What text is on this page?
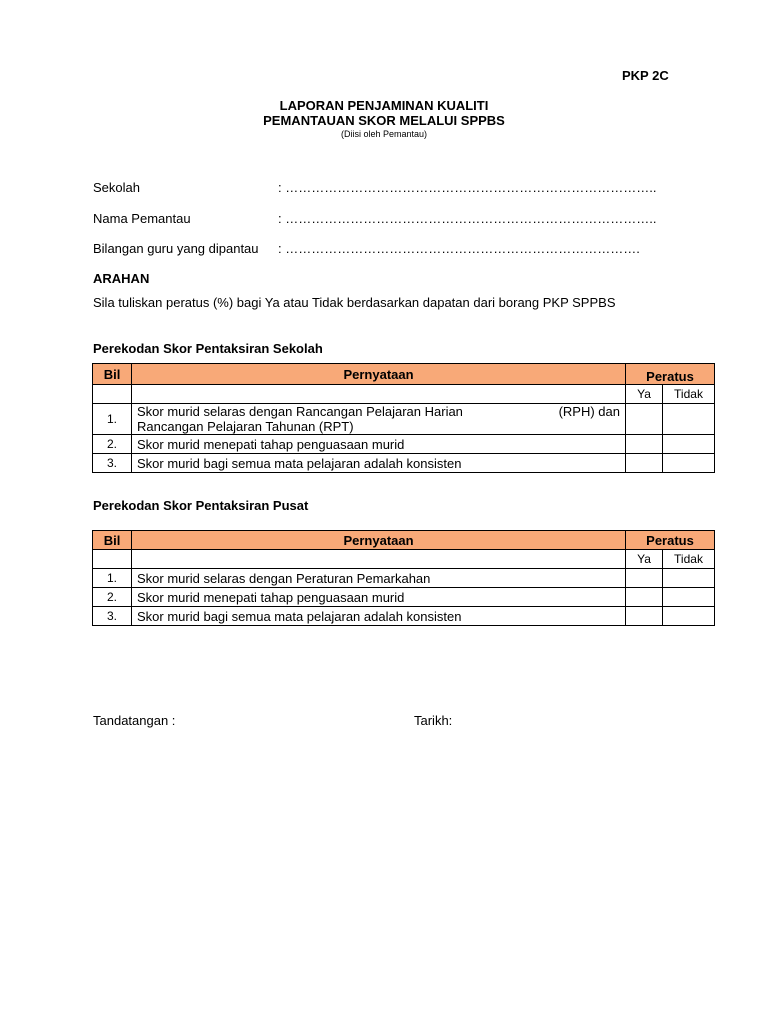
PKP 2C
LAPORAN PENJAMINAN KUALITI
PEMANTAUAN SKOR MELALUI SPPBS
(Diisi oleh Pemantau)
Sekolah	: …………………………………………………………………………..
Nama Pemantau	: …………………………………………………………………………..
Bilangan guru yang dipantau : ……………………………………………………………………….
ARAHAN
Sila tuliskan peratus (%) bagi Ya atau Tidak berdasarkan dapatan dari borang PKP SPPBS
Perekodan Skor Pentaksiran Sekolah
Bil	Pernyataan	Peratus	
		Ya	Tidak
1.	Skor murid selaras dengan Rancangan Pelajaran Harian (RPH) dan
Rancangan Pelajaran Tahunan (RPT)		

2.	Skor murid menepati tahap penguasaan murid		
3.	Skor murid bagi semua mata pelajaran adalah konsisten		
Perekodan Skor Pentaksiran Pusat
Bil	Pernyataan	Peratus	
		Ya	Tidak
1.	Skor murid selaras dengan Peraturan Pemarkahan		
2.	Skor murid menepati tahap penguasaan murid		
3.	Skor murid bagi semua mata pelajaran adalah konsisten		
Tandatangan :	Tarikh:
